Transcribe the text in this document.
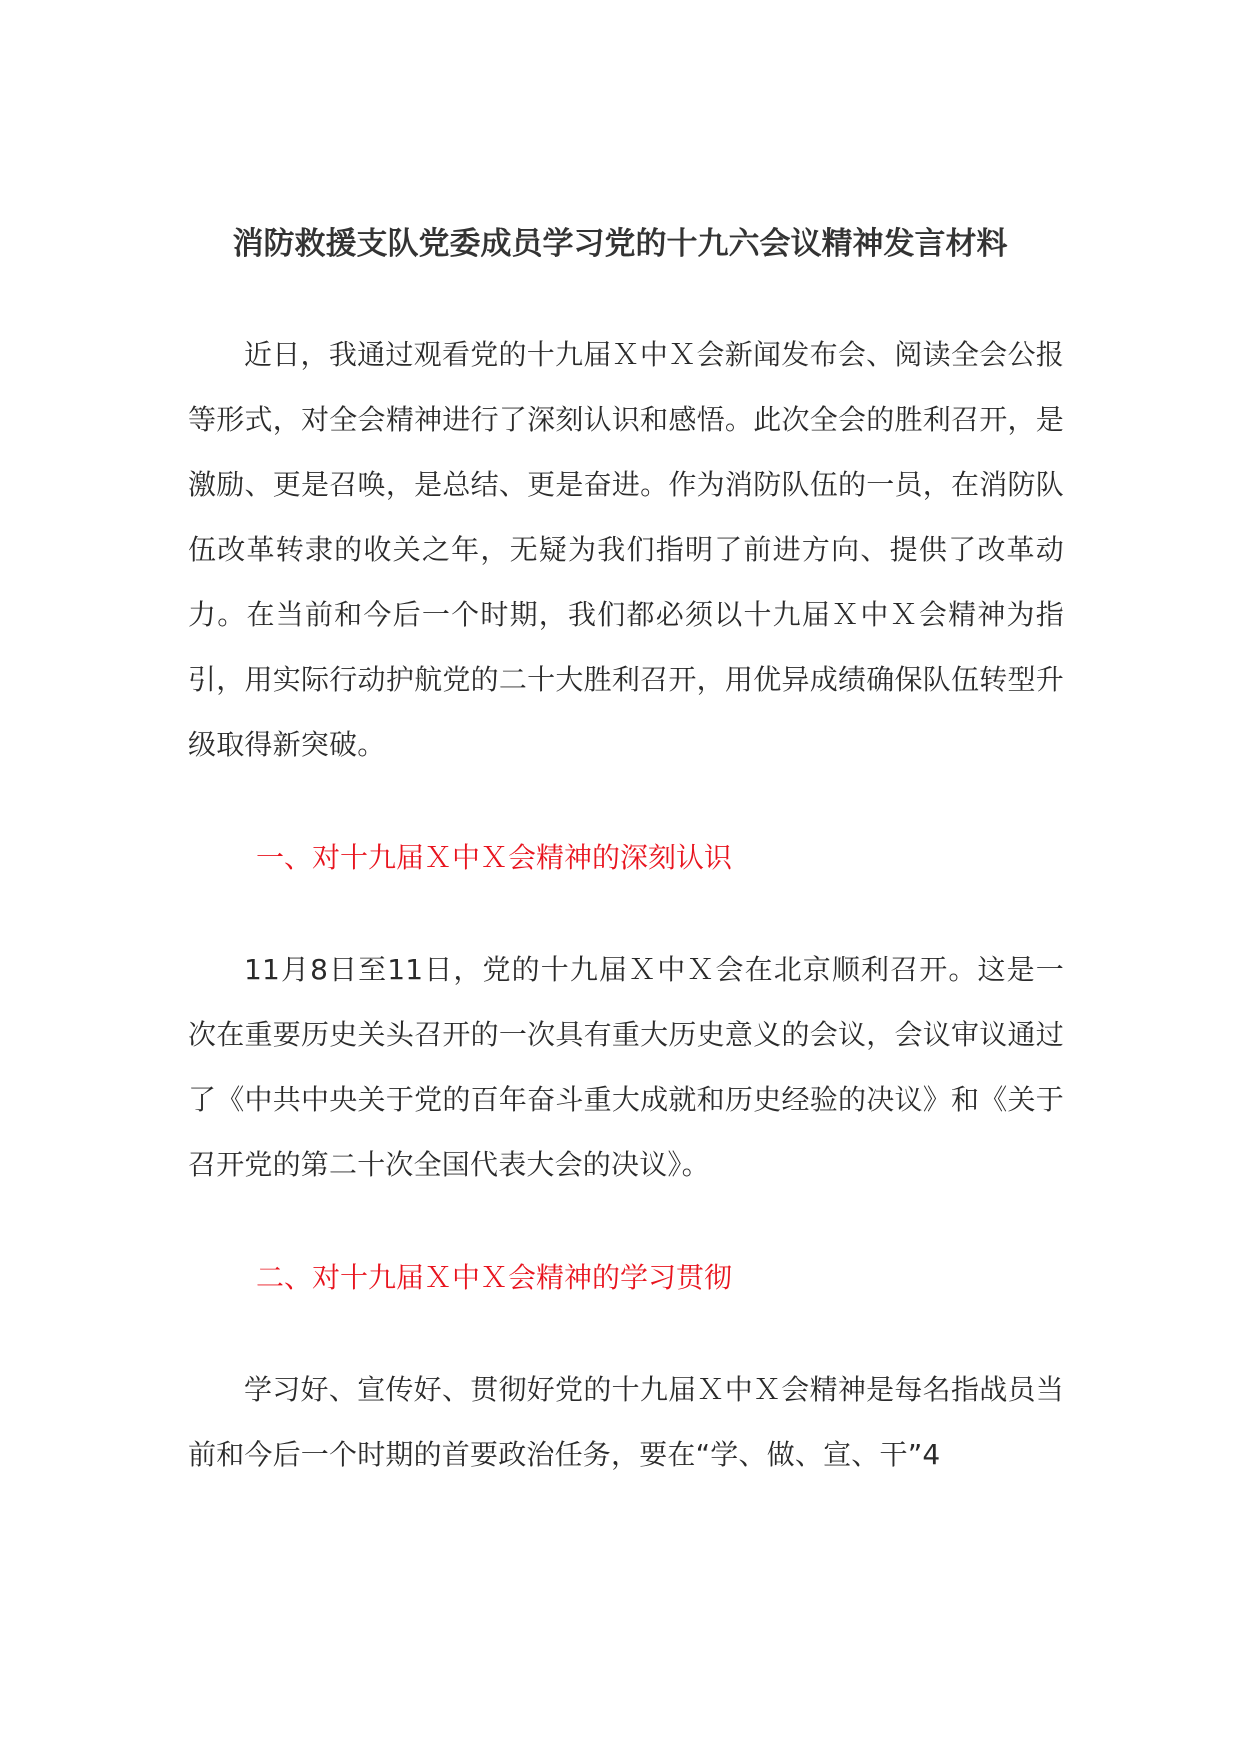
消防救援支队党委成员学习党的十九六会议精神发言材料
近日，我通过观看党的十九届Ｘ中Ｘ会新闻发布会、阅读全会公报等形式，对全会精神进行了深刻认识和感悟。此次全会的胜利召开，是激励、更是召唤，是总结、更是奋进。作为消防队伍的一员，在消防队伍改革转隶的收关之年，无疑为我们指明了前进方向、提供了改革动力。在当前和今后一个时期，我们都必须以十九届Ｘ中Ｘ会精神为指引，用实际行动护航党的二十大胜利召开，用优异成绩确保队伍转型升级取得新突破。
一、对十九届Ｘ中Ｘ会精神的深刻认识
11月8日至11日，党的十九届Ｘ中Ｘ会在北京顺利召开。这是一次在重要历史关头召开的一次具有重大历史意义的会议，会议审议通过了《中共中央关于党的百年奋斗重大成就和历史经验的决议》和《关于召开党的第二十次全国代表大会的决议》。
二、对十九届Ｘ中Ｘ会精神的学习贯彻
学习好、宣传好、贯彻好党的十九届Ｘ中Ｘ会精神是每名指战员当前和今后一个时期的首要政治任务，要在“学、做、宣、干”4
